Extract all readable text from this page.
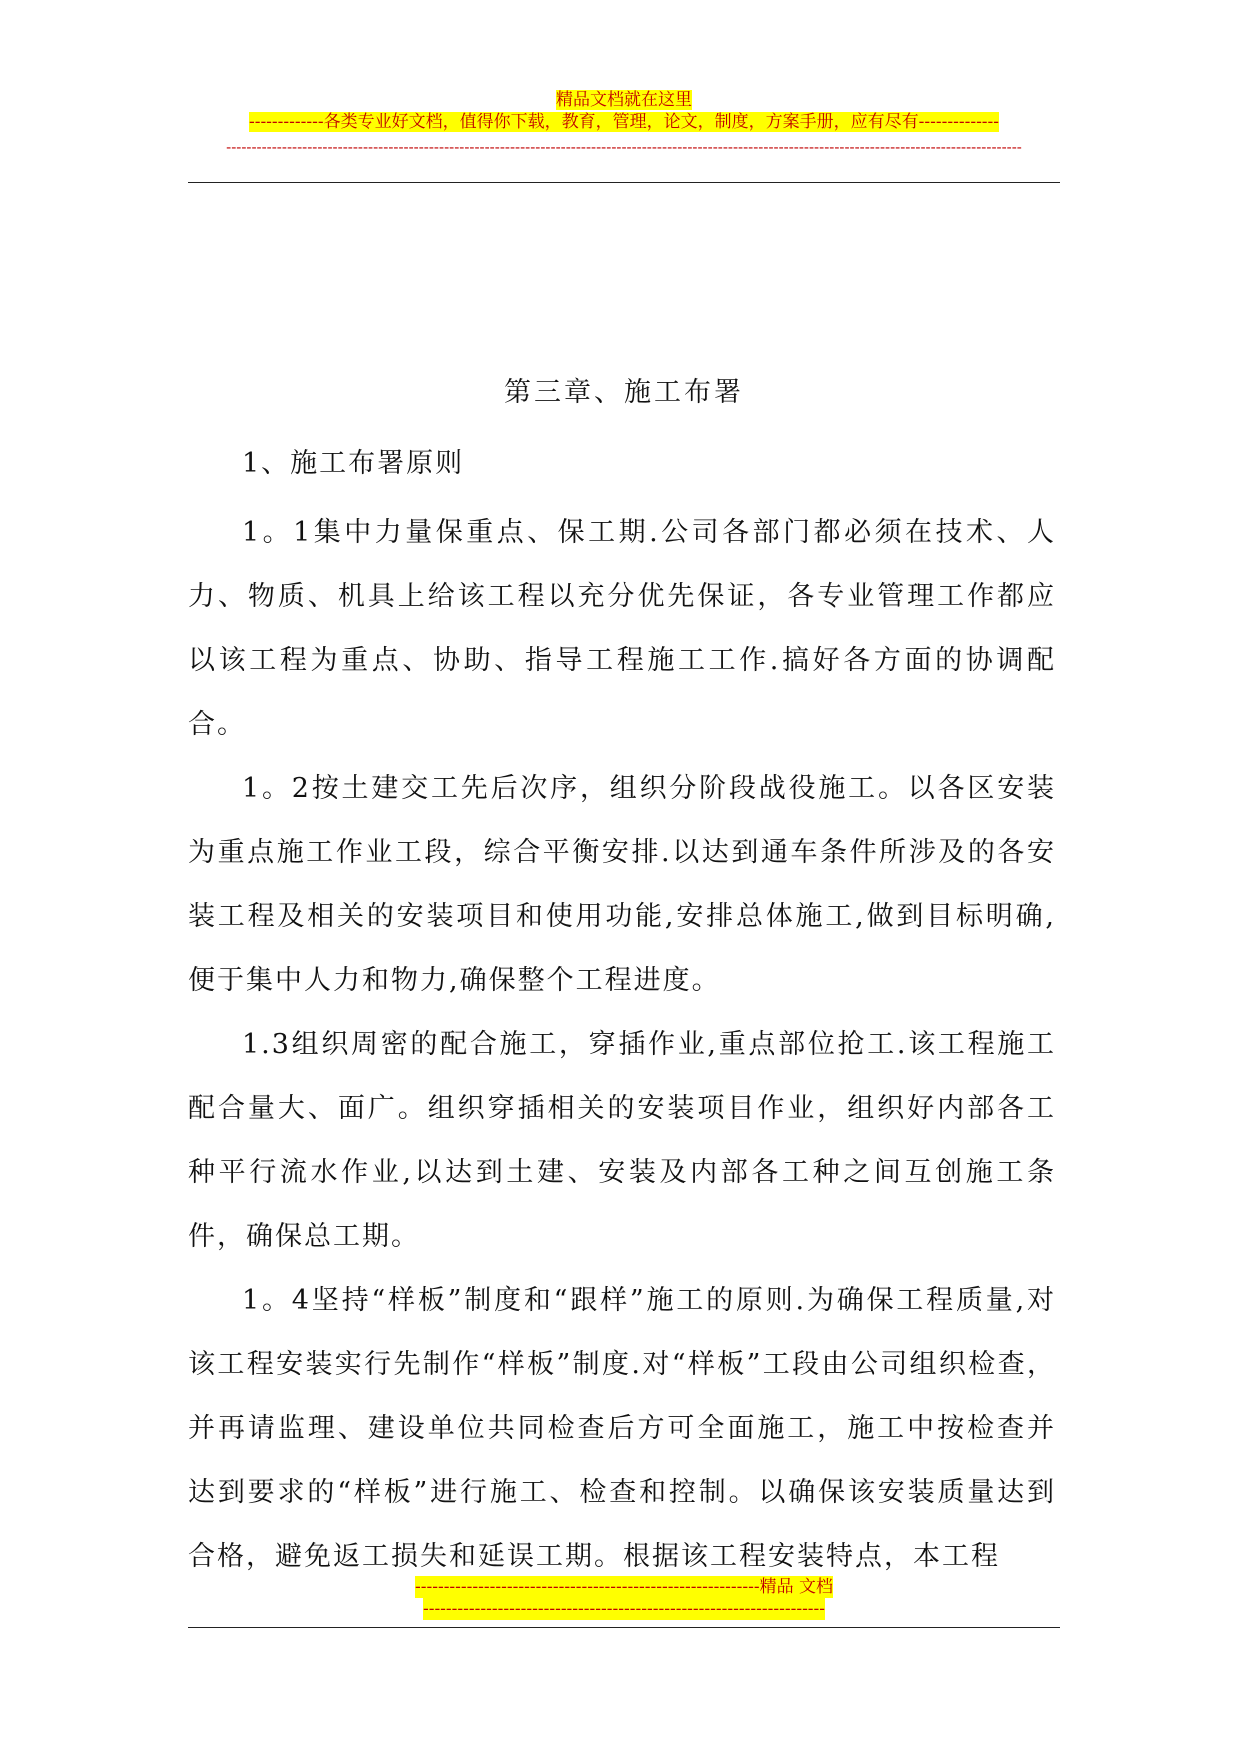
精品文档就在这里
-------------各类专业好文档，值得你下载，教育，管理，论文，制度，方案手册，应有尽有--------------
-------------------------------------------------------------------------------------------------------------------------------------------------------------
第三章、施工布署

1、施工布署原则

1。1集中力量保重点、保工期.公司各部门都必须在技术、人力、物质、机具上给该工程以充分优先保证，各专业管理工作都应以该工程为重点、协助、指导工程施工工作.搞好各方面的协调配合。

1。2按土建交工先后次序，组织分阶段战役施工。以各区安装为重点施工作业工段，综合平衡安排.以达到通车条件所涉及的各安装工程及相关的安装项目和使用功能,安排总体施工,做到目标明确,便于集中人力和物力,确保整个工程进度。

1.3组织周密的配合施工，穿插作业,重点部位抢工.该工程施工配合量大、面广。组织穿插相关的安装项目作业，组织好内部各工种平行流水作业,以达到土建、安装及内部各工种之间互创施工条件，确保总工期。

1。4坚持“样板”制度和“跟样”施工的原则.为确保工程质量,对该工程安装实行先制作“样板”制度.对“样板”工段由公司组织检查，并再请监理、建设单位共同检查后方可全面施工，施工中按检查并达到要求的“样板”进行施工、检查和控制。以确保该安装质量达到合格，避免返工损失和延误工期。根据该工程安装特点，本工程

------------------------------------------------------------精品 文档
----------------------------------------------------------------------
